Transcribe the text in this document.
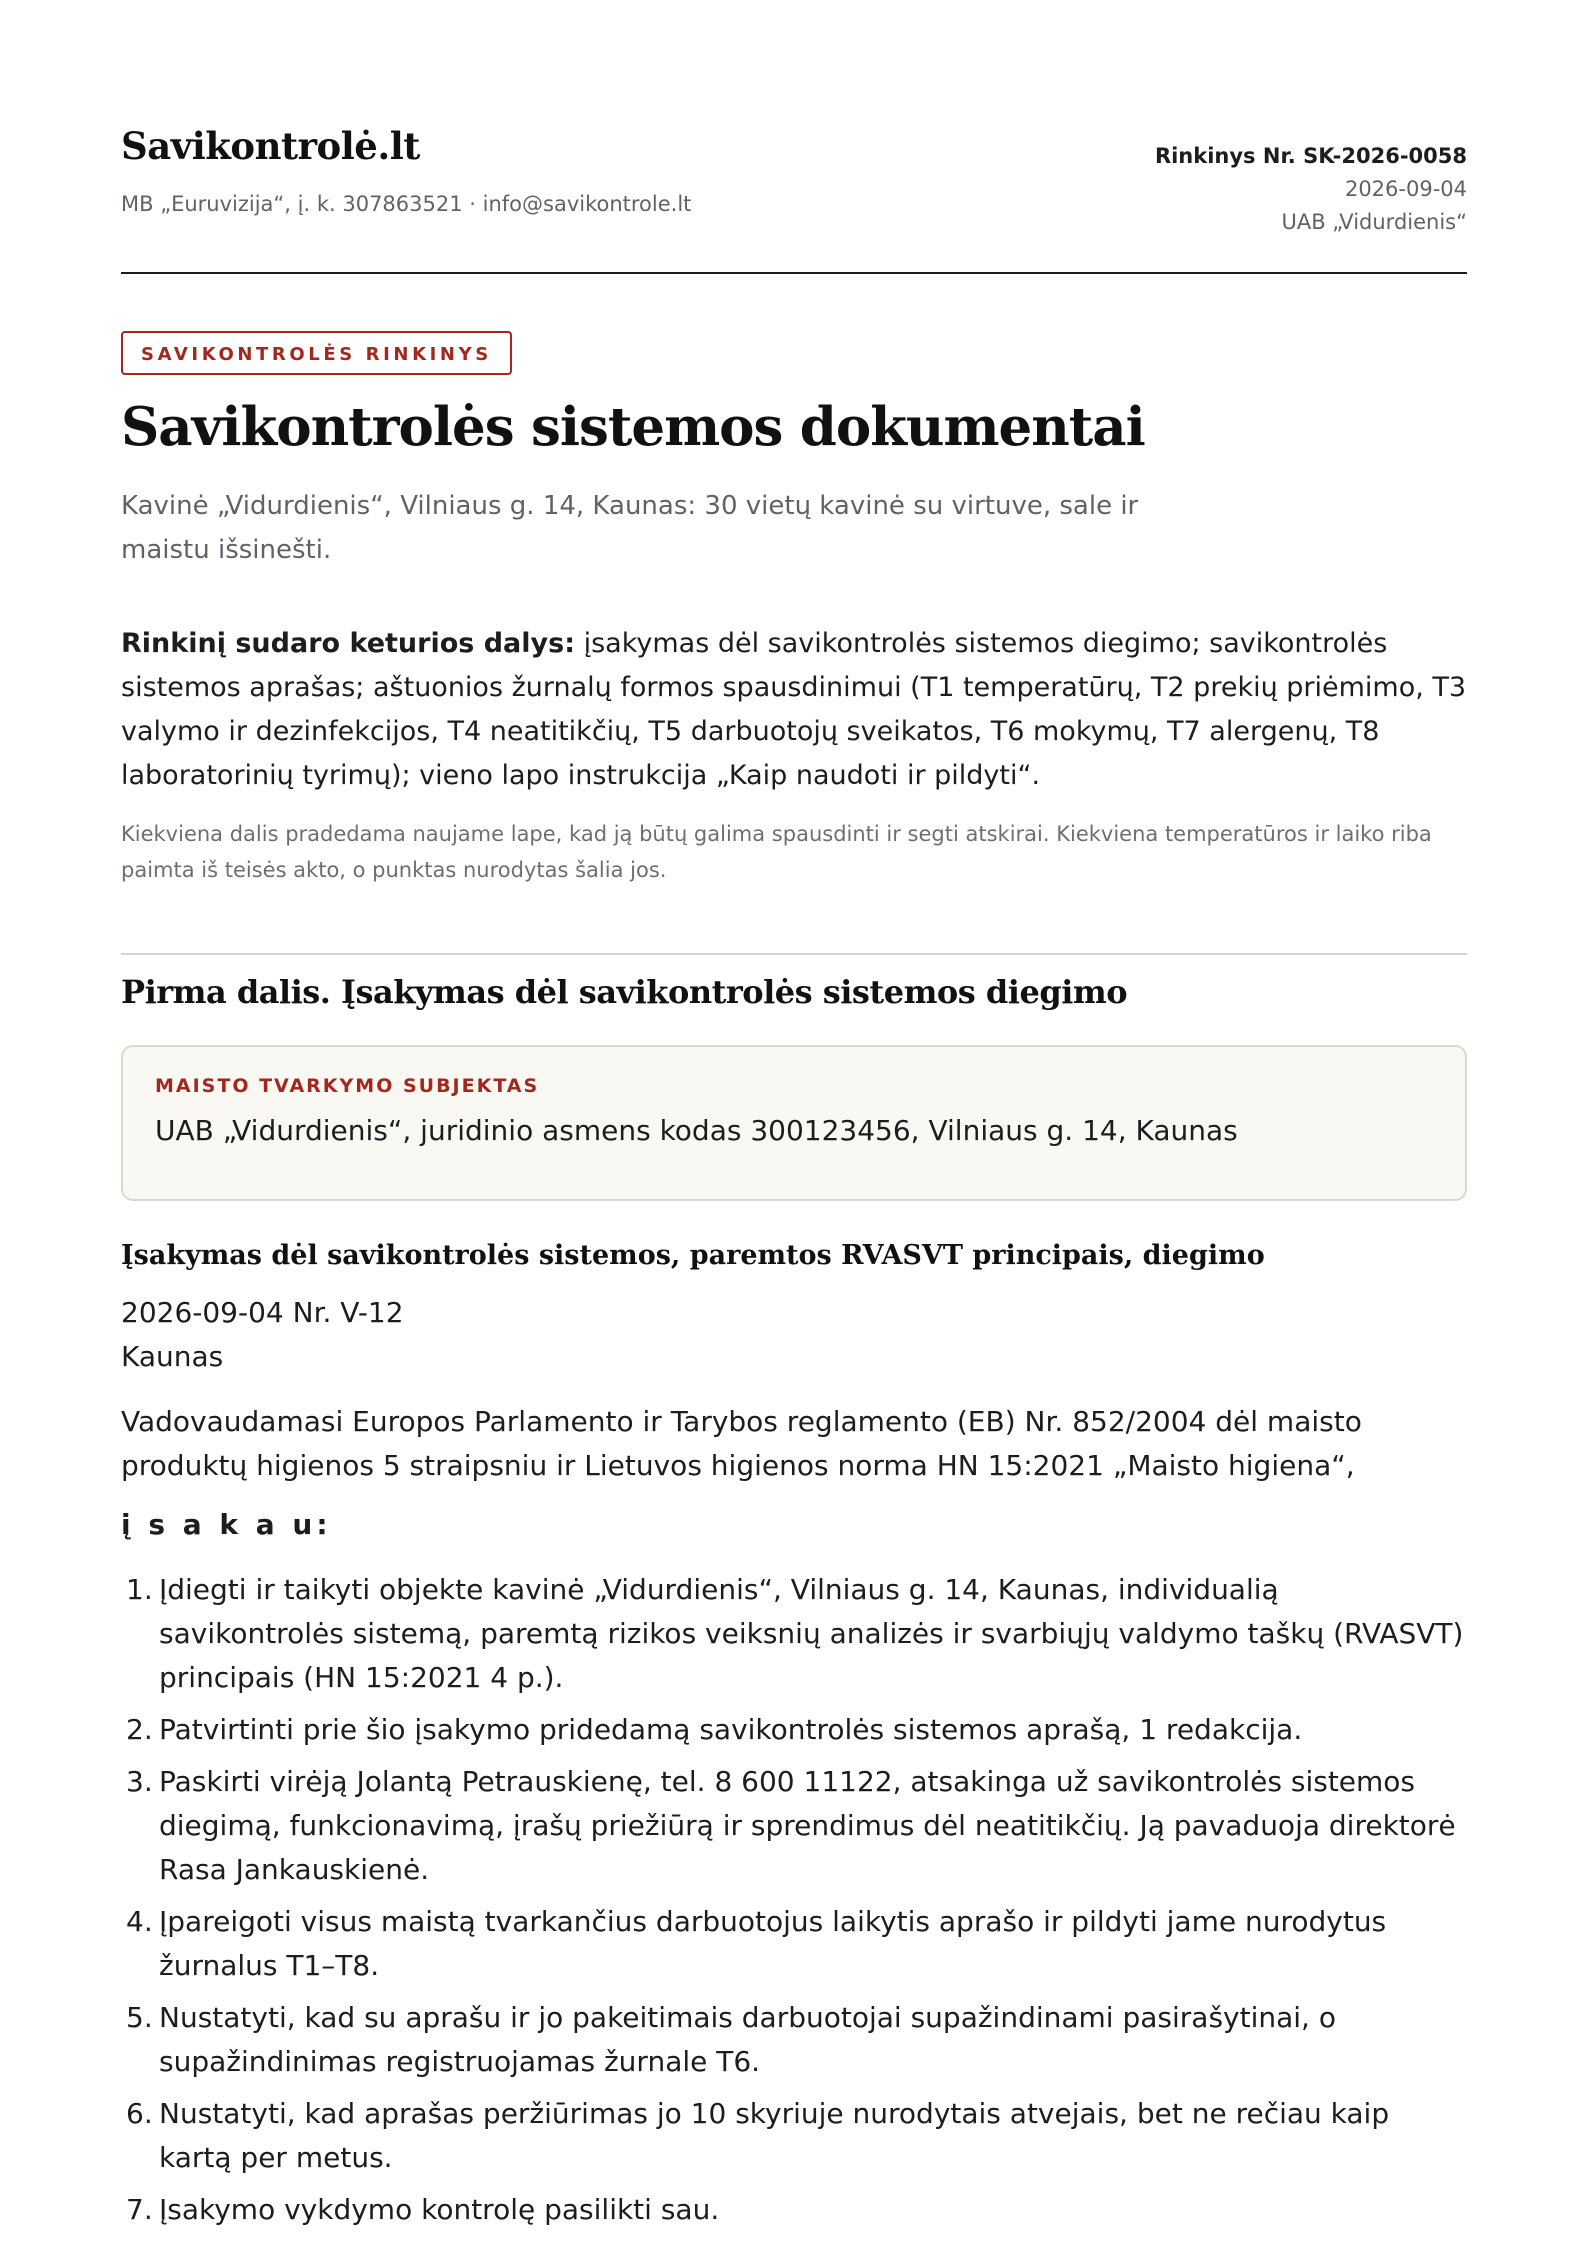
Savikontrolė.lt
MB „Euruvizija“, į. k. 307863521 · info@savikontrole.lt
Rinkinys Nr. SK-2026-0058
2026-09-04
UAB „Vidurdienis“
SAVIKONTROLĖS RINKINYS
Savikontrolės sistemos dokumentai

Kavinė „Vidurdienis“, Vilniaus g. 14, Kaunas: 30 vietų kavinė su virtuve, sale ir maistu išsinešti.

Rinkinį sudaro keturios dalys: įsakymas dėl savikontrolės sistemos diegimo; savikontrolės sistemos aprašas; aštuonios žurnalų formos spausdinimui (T1 temperatūrų, T2 prekių priėmimo, T3 valymo ir dezinfekcijos, T4 neatitikčių, T5 darbuotojų sveikatos, T6 mokymų, T7 alergenų, T8 laboratorinių tyrimų); vieno lapo instrukcija „Kaip naudoti ir pildyti“.

Kiekviena dalis pradedama naujame lape, kad ją būtų galima spausdinti ir segti atskirai. Kiekviena temperatūros ir laiko riba paimta iš teisės akto, o punktas nurodytas šalia jos.

Pirma dalis. Įsakymas dėl savikontrolės sistemos diegimo
MAISTO TVARKYMO SUBJEKTAS
UAB „Vidurdienis“, juridinio asmens kodas 300123456, Vilniaus g. 14, Kaunas
Įsakymas dėl savikontrolės sistemos, paremtos RVASVT principais, diegimo
2026-09-04 Nr. V-12
Kaunas

Vadovaudamasi Europos Parlamento ir Tarybos reglamento (EB) Nr. 852/2004 dėl maisto produktų higienos 5 straipsniu ir Lietuvos higienos norma HN 15:2021 „Maisto higiena“,

į s a k a u:
1. Įdiegti ir taikyti objekte kavinė „Vidurdienis“, Vilniaus g. 14, Kaunas, individualią savikontrolės sistemą, paremtą rizikos veiksnių analizės ir svarbiųjų valdymo taškų (RVASVT) principais (HN 15:2021 4 p.).
2. Patvirtinti prie šio įsakymo pridedamą savikontrolės sistemos aprašą, 1 redakcija.
3. Paskirti virėją Jolantą Petrauskienę, tel. 8 600 11122, atsakinga už savikontrolės sistemos diegimą, funkcionavimą, įrašų priežiūrą ir sprendimus dėl neatitikčių. Ją pavaduoja direktorė Rasa Jankauskienė.
4. Įpareigoti visus maistą tvarkančius darbuotojus laikytis aprašo ir pildyti jame nurodytus žurnalus T1–T8.
5. Nustatyti, kad su aprašu ir jo pakeitimais darbuotojai supažindinami pasirašytinai, o supažindinimas registruojamas žurnale T6.
6. Nustatyti, kad aprašas peržiūrimas jo 10 skyriuje nurodytais atvejais, bet ne rečiau kaip kartą per metus.
7. Įsakymo vykdymo kontrolę pasilikti sau.
